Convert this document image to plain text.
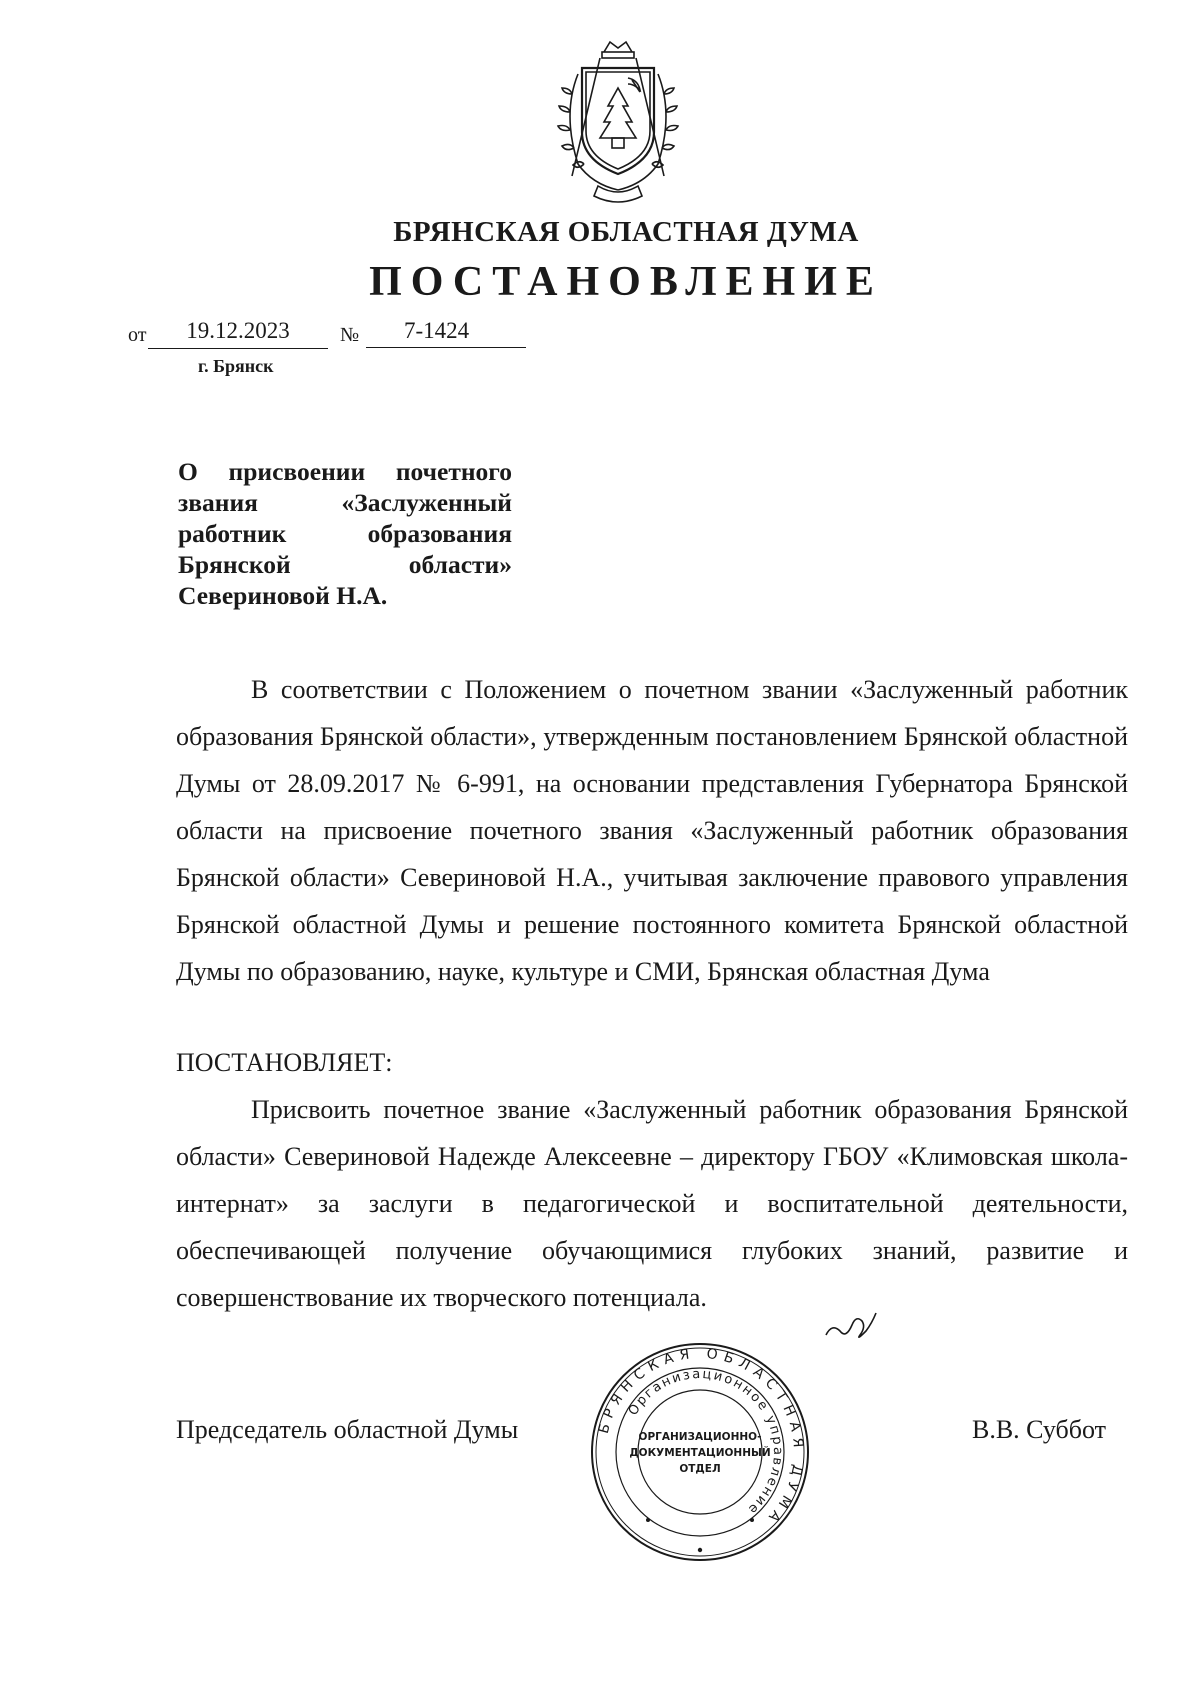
БРЯНСКАЯ ОБЛАСТНАЯ ДУМА
ПОСТАНОВЛЕНИЕ
от	19.12.2023	№	7-1424
г. Брянск
О присвоении почетного
звания «Заслуженный
работник образования
Брянской области»
Севериновой Н.А.

В соответствии с Положением о почетном звании «Заслуженный работник образования Брянской области», утвержденным постановлением Брянской областной Думы от 28.09.2017 № 6-991, на основании представления Губернатора Брянской области на присвоение почетного звания «Заслуженный работник образования Брянской области» Севериновой Н.А., учитывая заключение правового управления Брянской областной Думы и решение постоянного комитета Брянской областной Думы по образованию, науке, культуре и СМИ, Брянская областная Дума

ПОСТАНОВЛЯЕТ:

Присвоить почетное звание «Заслуженный работник образования Брянской области» Севериновой Надежде Алексеевне – директору ГБОУ «Климовская школа-интернат» за заслуги в педагогической и воспитательной деятельности, обеспечивающей получение обучающимися глубоких знаний, развитие и совершенствование их творческого потенциала.

Председатель областной Думы	В.В. Суббот
БРЯНСКАЯ ОБЛАСТНАЯ ДУМА
Организационное управление
ОРГАНИЗАЦИОННО-
ДОКУМЕНТАЦИОННЫЙ
ОТДЕЛ
